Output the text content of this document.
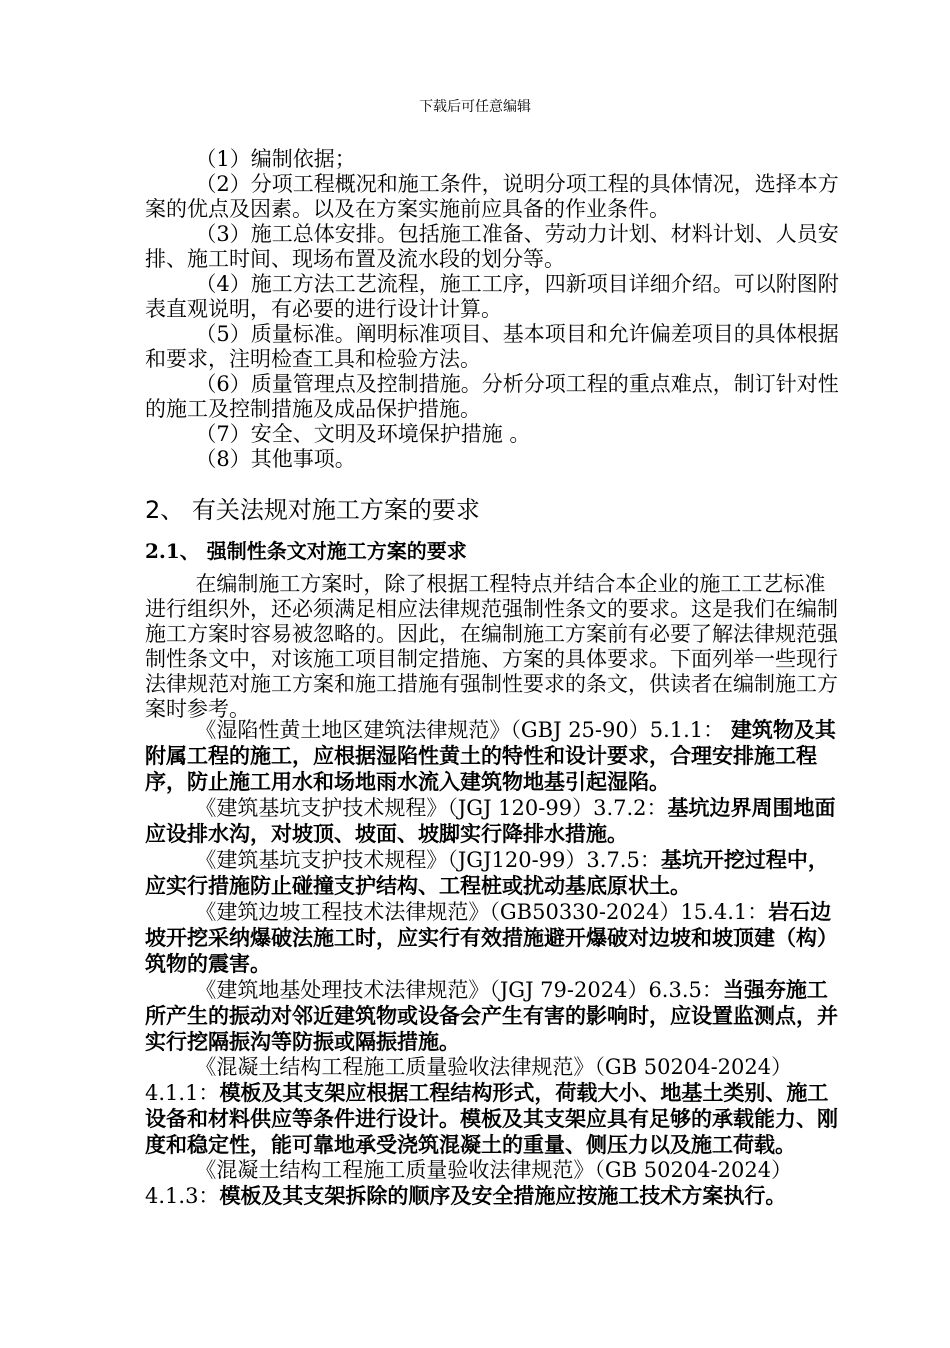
下载后可任意编辑

（1）编制依据；

（2）分项工程概况和施工条件，说明分项工程的具体情况，选择本方案的优点及因素。以及在方案实施前应具备的作业条件。

（3）施工总体安排。包括施工准备、劳动力计划、材料计划、人员安排、施工时间、现场布置及流水段的划分等。

（4）施工方法工艺流程，施工工序，四新项目详细介绍。可以附图附表直观说明，有必要的进行设计计算。

（5）质量标准。阐明标准项目、基本项目和允许偏差项目的具体根据和要求，注明检查工具和检验方法。

（6）质量管理点及控制措施。分析分项工程的重点难点，制订针对性的施工及控制措施及成品保护措施。

（7）安全、文明及环境保护措施 。

（8）其他事项。

2、 有关法规对施工方案的要求
2.1、 强制性条文对施工方案的要求

在编制施工方案时，除了根据工程特点并结合本企业的施工工艺标准进行组织外，还必须满足相应法律规范强制性条文的要求。这是我们在编制施工方案时容易被忽略的。因此，在编制施工方案前有必要了解法律规范强制性条文中，对该施工项目制定措施、方案的具体要求。下面列举一些现行法律规范对施工方案和施工措施有强制性要求的条文，供读者在编制施工方案时参考。

《湿陷性黄土地区建筑法律规范》（GBJ 25-90）5.1.1： 建筑物及其附属工程的施工，应根据湿陷性黄土的特性和设计要求，合理安排施工程序，防止施工用水和场地雨水流入建筑物地基引起湿陷。

《建筑基坑支护技术规程》（JGJ 120-99）3.7.2：基坑边界周围地面应设排水沟，对坡顶、坡面、坡脚实行降排水措施。

《建筑基坑支护技术规程》（JGJ120-99）3.7.5：基坑开挖过程中，应实行措施防止碰撞支护结构、工程桩或扰动基底原状土。

《建筑边坡工程技术法律规范》（GB50330-2024）15.4.1：岩石边坡开挖采纳爆破法施工时，应实行有效措施避开爆破对边坡和坡顶建（构）筑物的震害。

《建筑地基处理技术法律规范》（JGJ 79-2024）6.3.5：当强夯施工所产生的振动对邻近建筑物或设备会产生有害的影响时，应设置监测点，并实行挖隔振沟等防振或隔振措施。

《混凝土结构工程施工质量验收法律规范》（GB 50204-2024）4.1.1：模板及其支架应根据工程结构形式，荷载大小、地基土类别、施工设备和材料供应等条件进行设计。模板及其支架应具有足够的承载能力、刚度和稳定性，能可靠地承受浇筑混凝土的重量、侧压力以及施工荷载。

《混凝土结构工程施工质量验收法律规范》（GB 50204-2024）4.1.3：模板及其支架拆除的顺序及安全措施应按施工技术方案执行。
